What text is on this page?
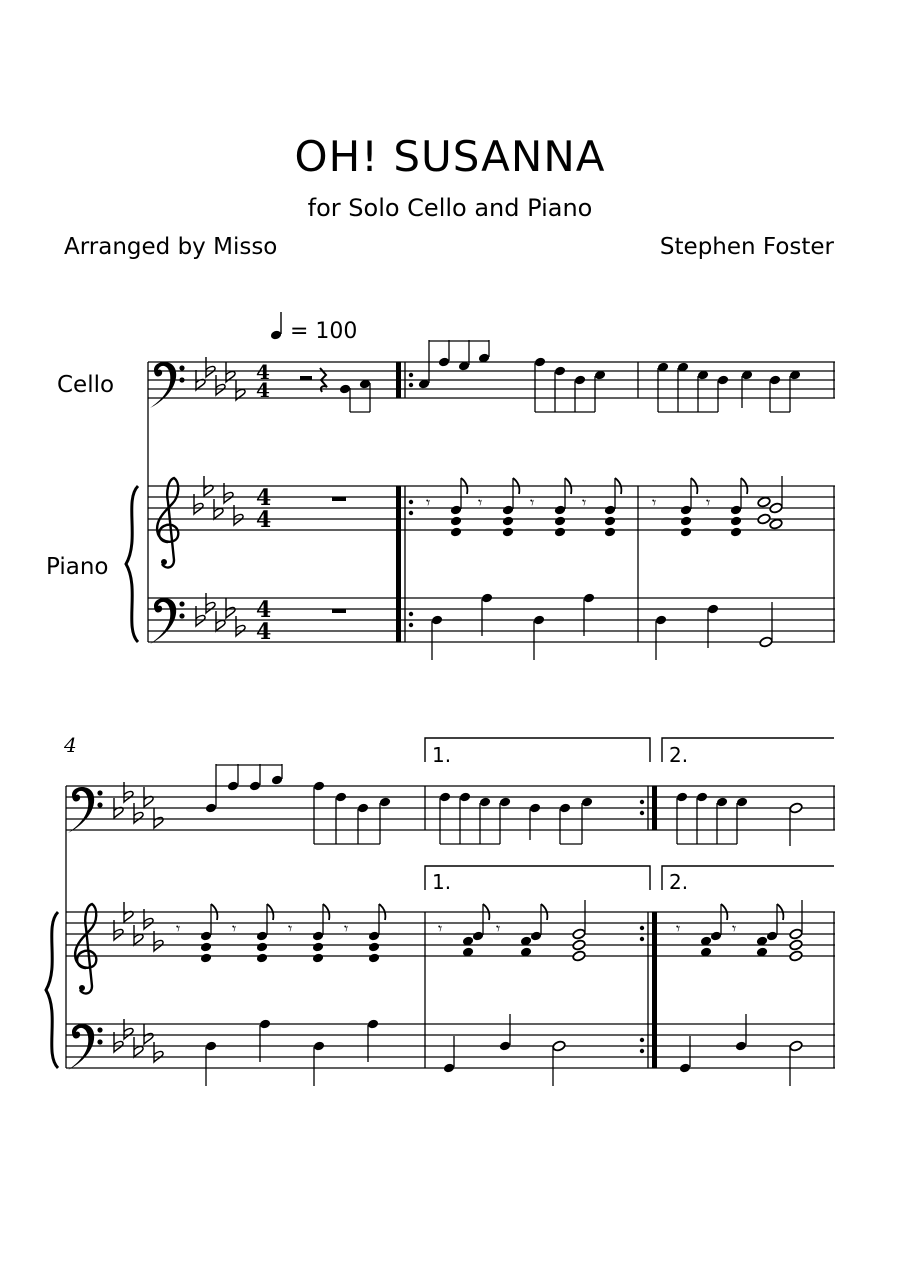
OH! SUSANNA
for Solo Cello and Piano
Arranged by Misso	Stephen Foster
= 100
Cello
Piano
4
4
4
4
4
4
𝄾	𝄾	𝄾	𝄾	𝄾	𝄾
4	1.	2.
1.	2.
𝄾	𝄾	𝄾	𝄾	𝄾	𝄾	𝄾	𝄾
